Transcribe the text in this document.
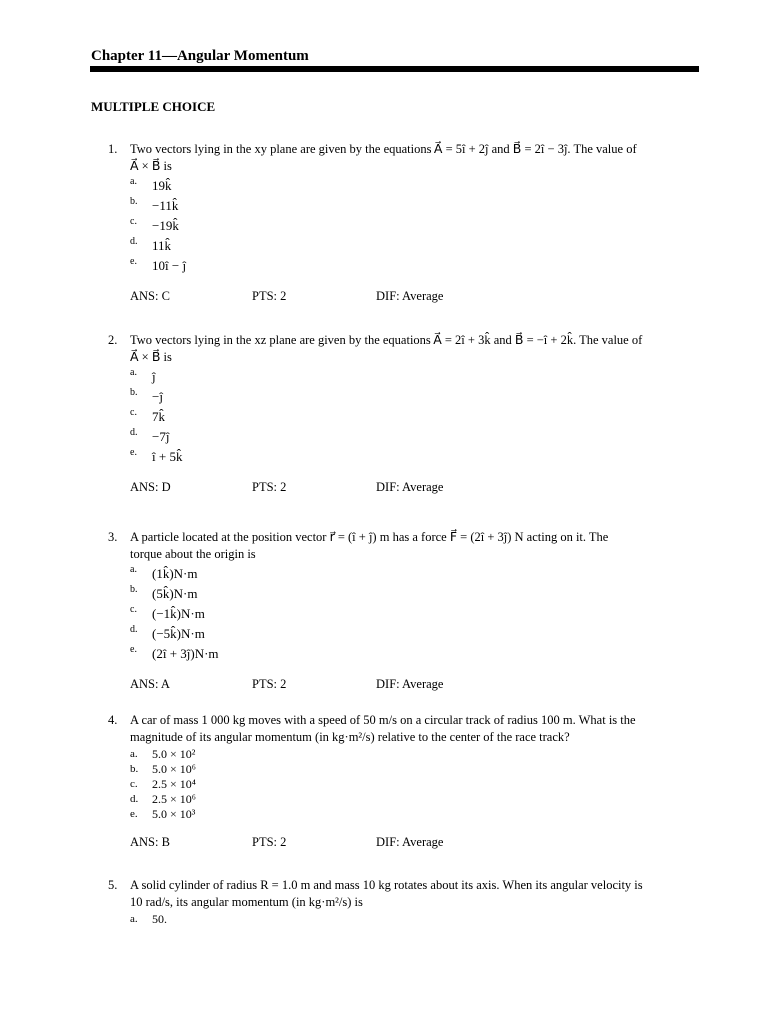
Chapter 11—Angular Momentum
MULTIPLE CHOICE
1. Two vectors lying in the xy plane are given by the equations A⃗ = 5î + 2ĵ and B⃗ = 2î − 3ĵ. The value of
A⃗ × B⃗ is
a. 19k̂
b. −11k̂
c. −19k̂
d. 11k̂
e. 10î − ĵ
ANS: C	PTS: 2	DIF: Average
2. Two vectors lying in the xz plane are given by the equations A⃗ = 2î + 3k̂ and B⃗ = −î + 2k̂. The value of
A⃗ × B⃗ is
a. ĵ
b. −ĵ
c. 7k̂
d. −7ĵ
e. î + 5k̂
ANS: D	PTS: 2	DIF: Average
3. A particle located at the position vector r⃗ = (î + ĵ) m has a force F⃗ = (2î + 3ĵ) N acting on it. The
torque about the origin is
a. (1k̂)N·m
b. (5k̂)N·m
c. (−1k̂)N·m
d. (−5k̂)N·m
e. (2î + 3ĵ)N·m
ANS: A	PTS: 2	DIF: Average
4. A car of mass 1 000 kg moves with a speed of 50 m/s on a circular track of radius 100 m. What is the
magnitude of its angular momentum (in kg·m²/s) relative to the center of the race track?
a. 5.0 × 10²
b. 5.0 × 10⁶
c. 2.5 × 10⁴
d. 2.5 × 10⁶
e. 5.0 × 10³
ANS: B	PTS: 2	DIF: Average
5. A solid cylinder of radius R = 1.0 m and mass 10 kg rotates about its axis. When its angular velocity is
10 rad/s, its angular momentum (in kg·m²/s) is
a. 50.
